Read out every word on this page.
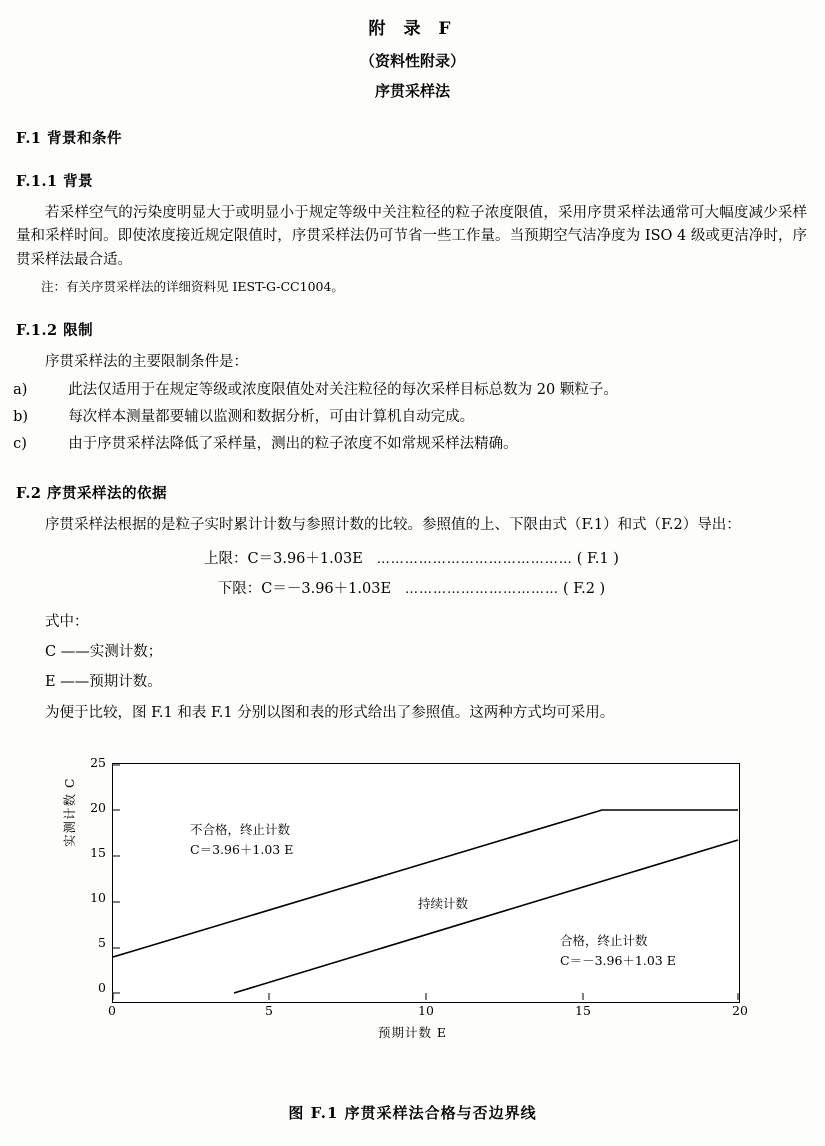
附 录 F
（资料性附录）
序贯采样法
F.1 背景和条件
F.1.1 背景

若采样空气的污染度明显大于或明显小于规定等级中关注粒径的粒子浓度限值，采用序贯采样法通常可大幅度减少采样量和采样时间。即使浓度接近规定限值时，序贯采样法仍可节省一些工作量。当预期空气洁净度为 ISO 4 级或更洁净时，序贯采样法最合适。

注：有关序贯采样法的详细资料见 IEST-G-CC1004。

F.1.2 限制

序贯采样法的主要限制条件是：

a)	此法仅适用于在规定等级或浓度限值处对关注粒径的每次采样目标总数为 20 颗粒子。

b)	每次样本测量都要辅以监测和数据分析，可由计算机自动完成。

c)	由于序贯采样法降低了采样量，测出的粒子浓度不如常规采样法精确。

F.2 序贯采样法的依据

序贯采样法根据的是粒子实时累计计数与参照计数的比较。参照值的上、下限由式（F.1）和式（F.2）导出：

上限：C＝3.96＋1.03E …………………………………… ( F.1 )
下限：C＝－3.96＋1.03E …………………………… ( F.2 )
式中：
C ——实测计数；
E ——预期计数。

为便于比较，图 F.1 和表 F.1 分别以图和表的形式给出了参照值。这两种方式均可采用。

实测计数 C
25
20
15
10
5
0
0	5	10	15	20
预期计数 E
不合格，终止计数
C＝3.96＋1.03 E
持续计数
合格，终止计数
C＝－3.96＋1.03 E
图 F.1 序贯采样法合格与否边界线
